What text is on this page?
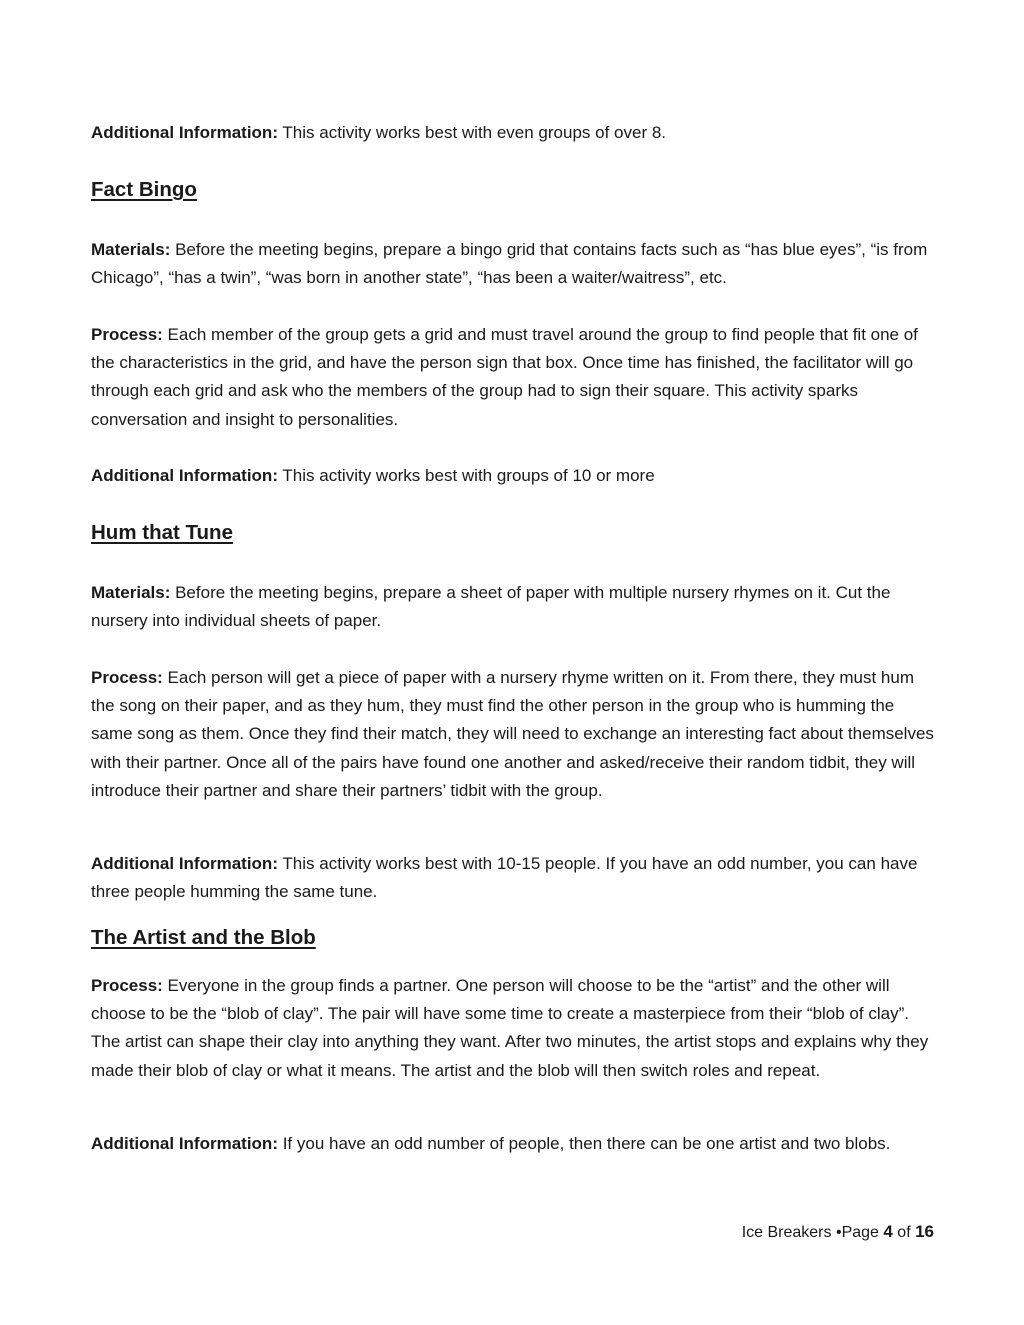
Additional Information: This activity works best with even groups of over 8.

Fact Bingo

Materials: Before the meeting begins, prepare a bingo grid that contains facts such as “has blue eyes”, “is from Chicago”, “has a twin”, “was born in another state”, “has been a waiter/waitress”, etc.

Process: Each member of the group gets a grid and must travel around the group to find people that fit one of the characteristics in the grid, and have the person sign that box. Once time has finished, the facilitator will go through each grid and ask who the members of the group had to sign their square. This activity sparks conversation and insight to personalities.

Additional Information: This activity works best with groups of 10 or more

Hum that Tune

Materials: Before the meeting begins, prepare a sheet of paper with multiple nursery rhymes on it. Cut the nursery into individual sheets of paper.

Process: Each person will get a piece of paper with a nursery rhyme written on it. From there, they must hum the song on their paper, and as they hum, they must find the other person in the group who is humming the same song as them. Once they find their match, they will need to exchange an interesting fact about themselves with their partner. Once all of the pairs have found one another and asked/receive their random tidbit, they will introduce their partner and share their partners’ tidbit with the group.

Additional Information: This activity works best with 10-15 people. If you have an odd number, you can have three people humming the same tune.

The Artist and the Blob

Process: Everyone in the group finds a partner. One person will choose to be the “artist” and the other will choose to be the “blob of clay”. The pair will have some time to create a masterpiece from their “blob of clay”. The artist can shape their clay into anything they want. After two minutes, the artist stops and explains why they made their blob of clay or what it means. The artist and the blob will then switch roles and repeat.

Additional Information: If you have an odd number of people, then there can be one artist and two blobs.

Ice Breakers •Page 4 of 16
